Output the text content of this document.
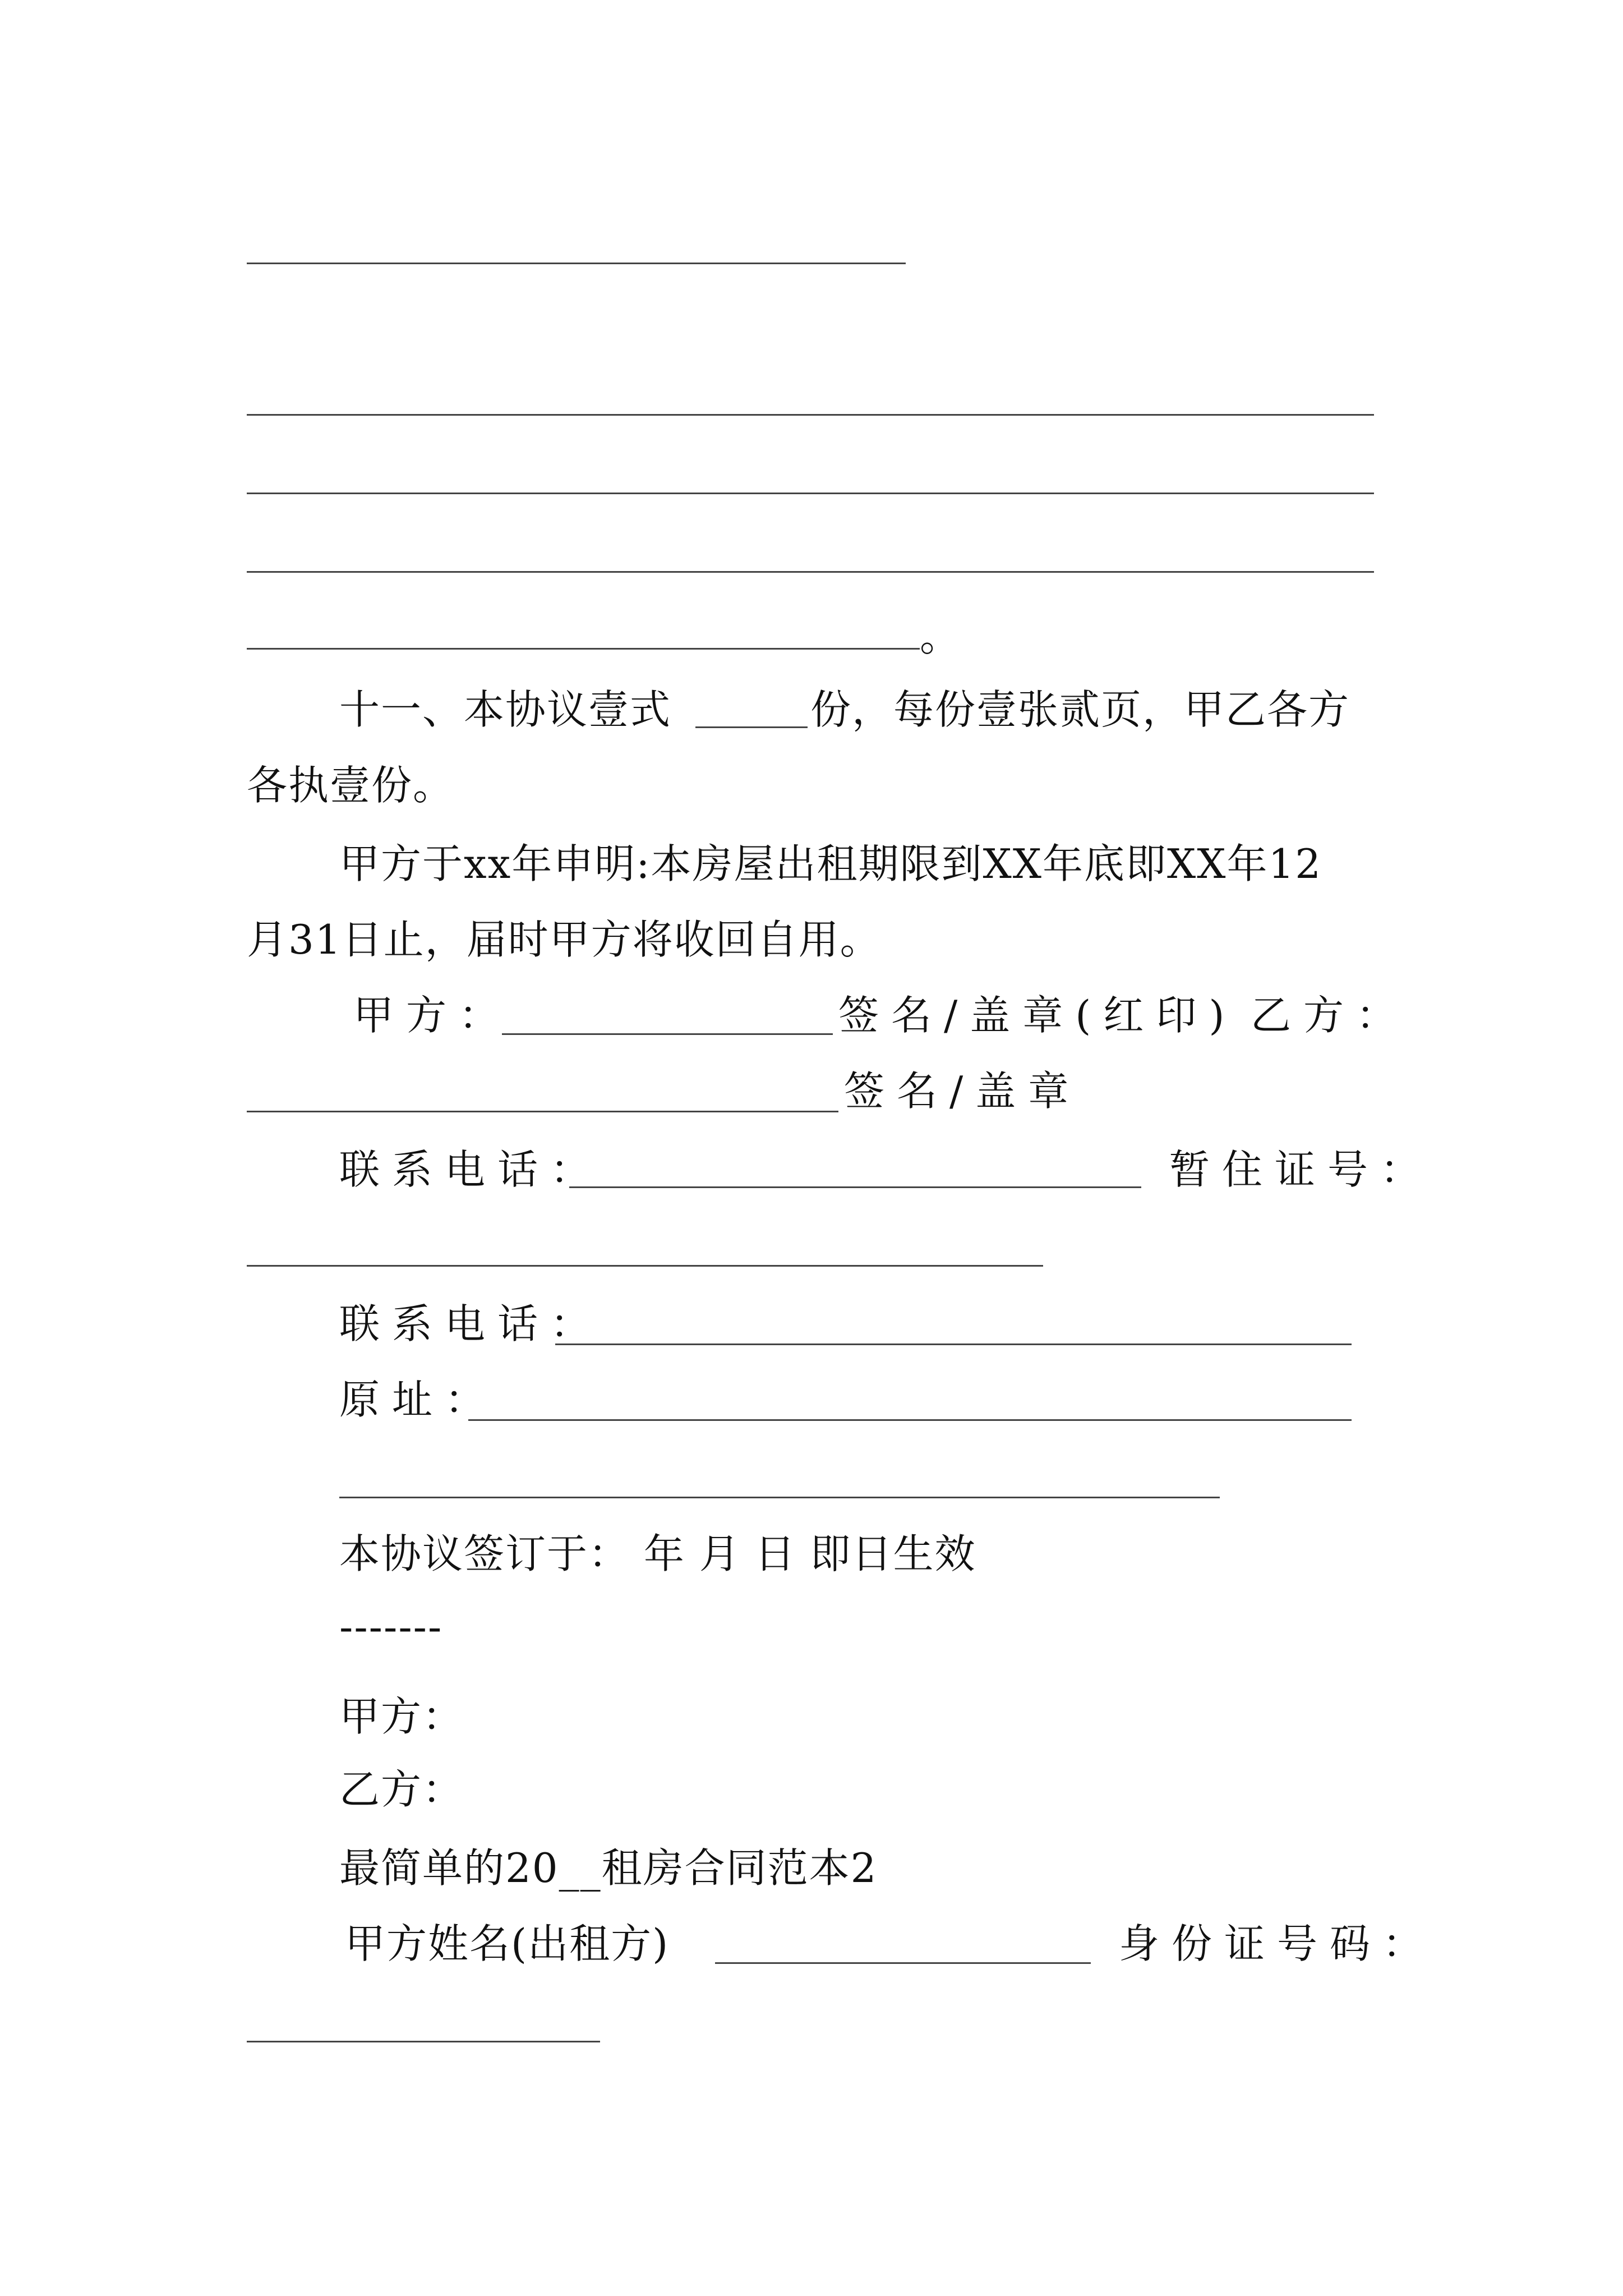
。
十一、本协议壹式	份，每份壹张贰页，甲乙各方
各执壹份。
甲方于xx年申明:本房屋出租期限到XX年底即XX年12
月31日止，届时甲方将收回自用。
甲方：	签名/盖章(红印) 乙方：
签名/盖章
联系电话：	暂住证号：
联系电话：
原址：
本协议签订于： 年 月 日 即日生效
-------
甲方：
乙方：
最简单的20__租房合同范本2
甲方姓名(出租方)	身份证号码：
